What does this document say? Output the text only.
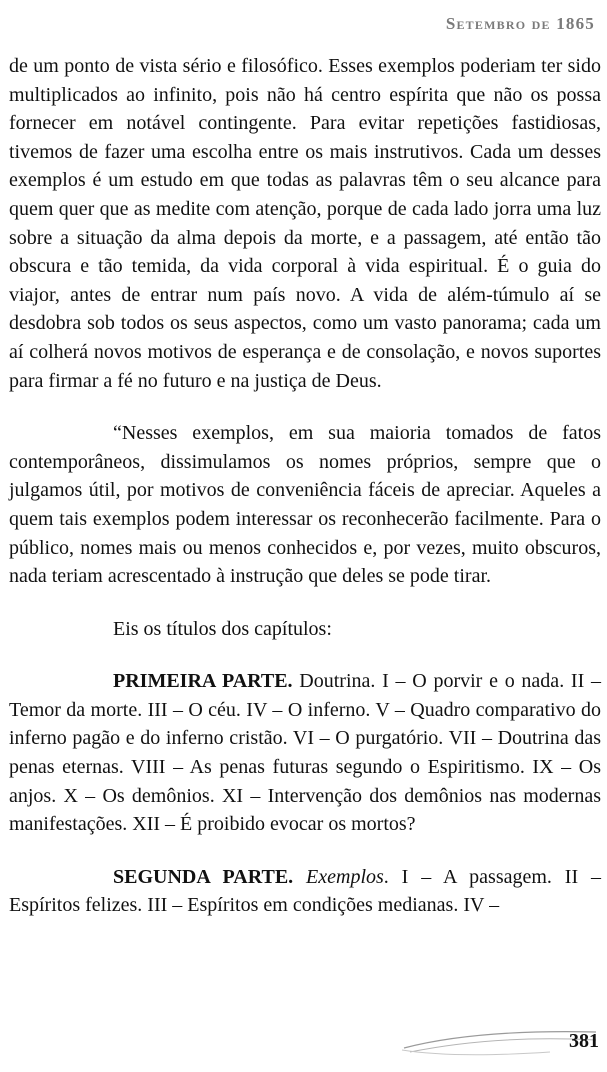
Setembro de 1865

de um ponto de vista sério e filosófico. Esses exemplos poderiam ter sido multiplicados ao infinito, pois não há centro espírita que não os possa fornecer em notável contingente. Para evitar repetições fastidiosas, tivemos de fazer uma escolha entre os mais instrutivos. Cada um desses exemplos é um estudo em que todas as palavras têm o seu alcance para quem quer que as medite com atenção, porque de cada lado jorra uma luz sobre a situação da alma depois da morte, e a passagem, até então tão obscura e tão temida, da vida corporal à vida espiritual. É o guia do viajor, antes de entrar num país novo. A vida de além-túmulo aí se desdobra sob todos os seus aspectos, como um vasto panorama; cada um aí colherá novos motivos de esperança e de consolação, e novos suportes para firmar a fé no futuro e na justiça de Deus.

“Nesses exemplos, em sua maioria tomados de fatos contemporâneos, dissimulamos os nomes próprios, sempre que o julgamos útil, por motivos de conveniência fáceis de apreciar. Aqueles a quem tais exemplos podem interessar os reconhecerão facilmente. Para o público, nomes mais ou menos conhecidos e, por vezes, muito obscuros, nada teriam acrescentado à instrução que deles se pode tirar.

Eis os títulos dos capítulos:

PRIMEIRA PARTE. Doutrina. I – O porvir e o nada. II – Temor da morte. III – O céu. IV – O inferno. V – Quadro comparativo do inferno pagão e do inferno cristão. VI – O purgatório. VII – Doutrina das penas eternas. VIII – As penas futuras segundo o Espiritismo. IX – Os anjos. X – Os demônios. XI – Intervenção dos demônios nas modernas manifestações. XII – É proibido evocar os mortos?

SEGUNDA PARTE. Exemplos. I – A passagem. II – Espíritos felizes. III – Espíritos em condições medianas. IV –

381
